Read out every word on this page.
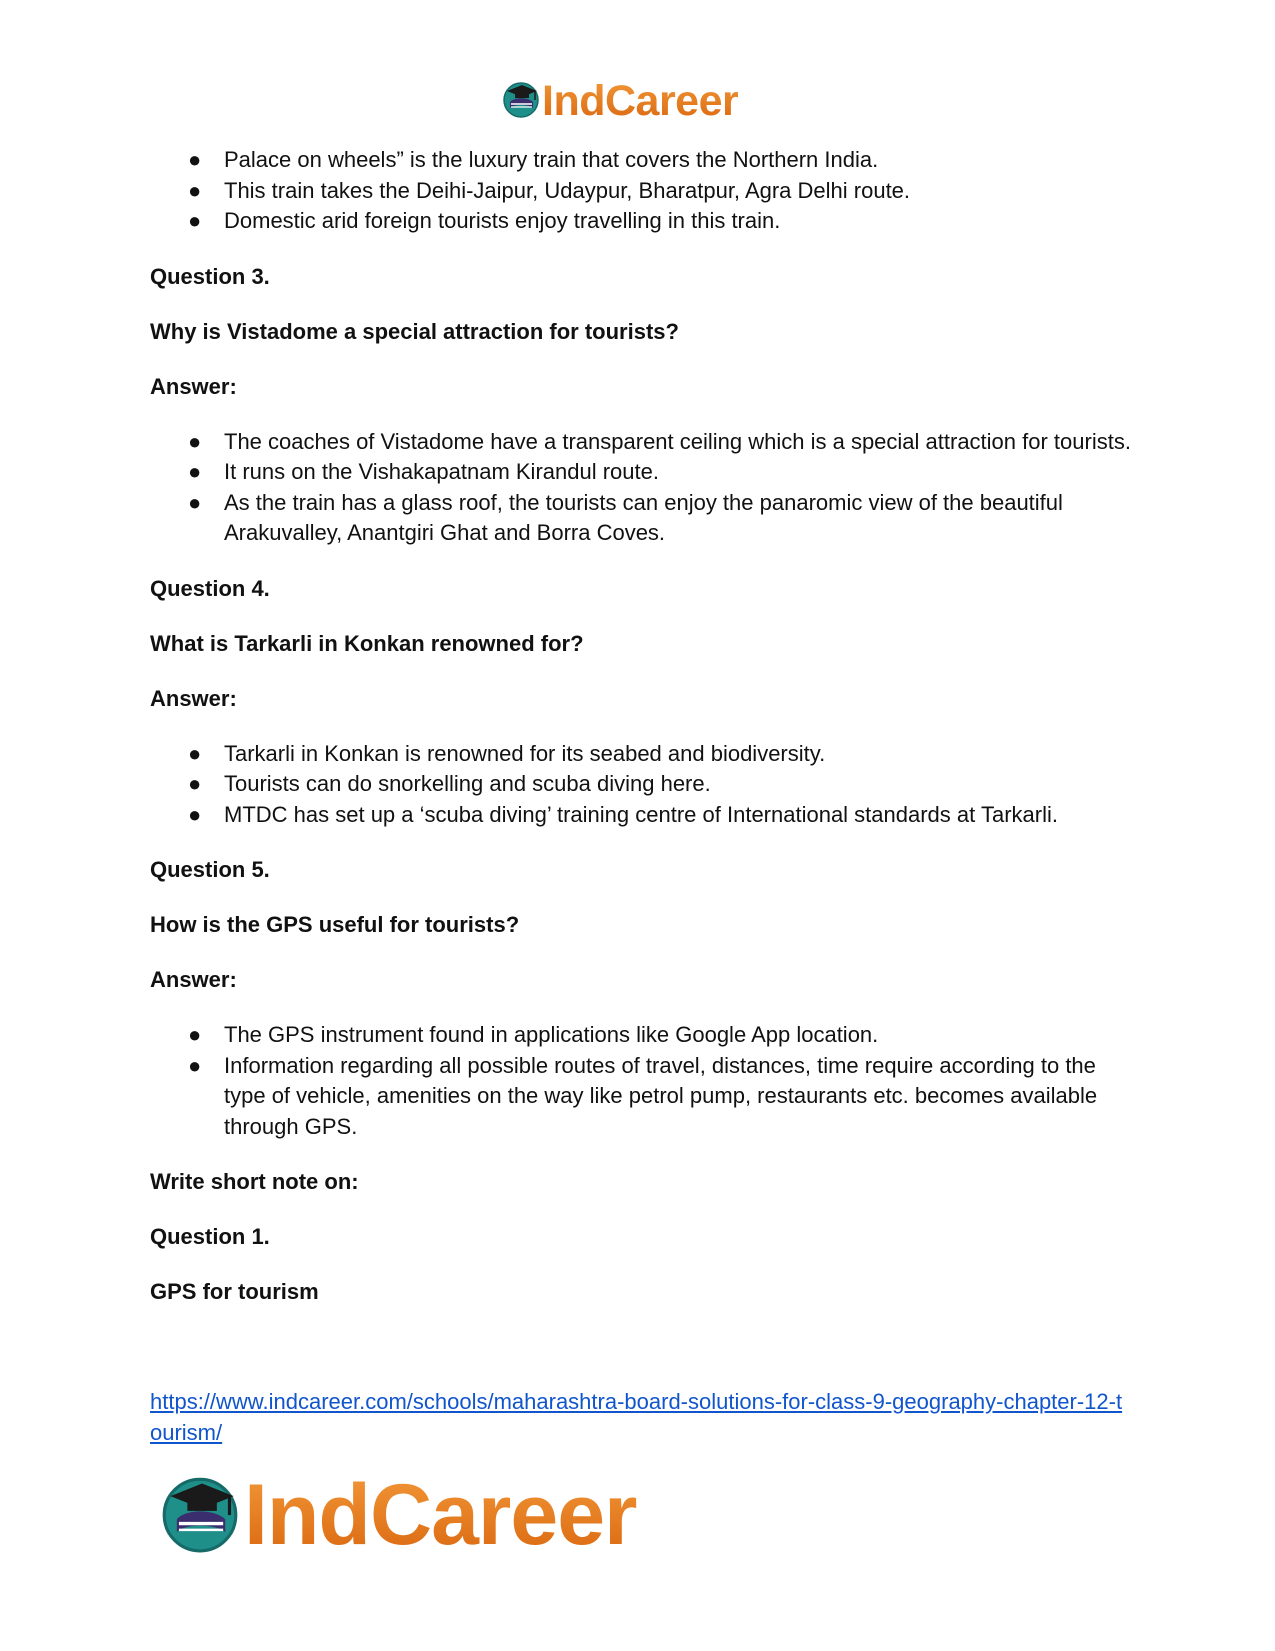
IndCareer
● Palace on wheels” is the luxury train that covers the Northern India.
● This train takes the Deihi-Jaipur, Udaypur, Bharatpur, Agra Delhi route.
● Domestic arid foreign tourists enjoy travelling in this train.

Question 3.

Why is Vistadome a special attraction for tourists?

Answer:

● The coaches of Vistadome have a transparent ceiling which is a special attraction for tourists.
● It runs on the Vishakapatnam Kirandul route.
● As the train has a glass roof, the tourists can enjoy the panaromic view of the beautiful Arakuvalley, Anantgiri Ghat and Borra Coves.

Question 4.

What is Tarkarli in Konkan renowned for?

Answer:

● Tarkarli in Konkan is renowned for its seabed and biodiversity.
● Tourists can do snorkelling and scuba diving here.
● MTDC has set up a ‘scuba diving’ training centre of International standards at Tarkarli.

Question 5.

How is the GPS useful for tourists?

Answer:

● The GPS instrument found in applications like Google App location.
● Information regarding all possible routes of travel, distances, time require according to the type of vehicle, amenities on the way like petrol pump, restaurants etc. becomes available through GPS.

Write short note on:

Question 1.

GPS for tourism

https://www.indcareer.com/schools/maharashtra-board-solutions-for-class-9-geography-chapter-12-tourism/
IndCareer
